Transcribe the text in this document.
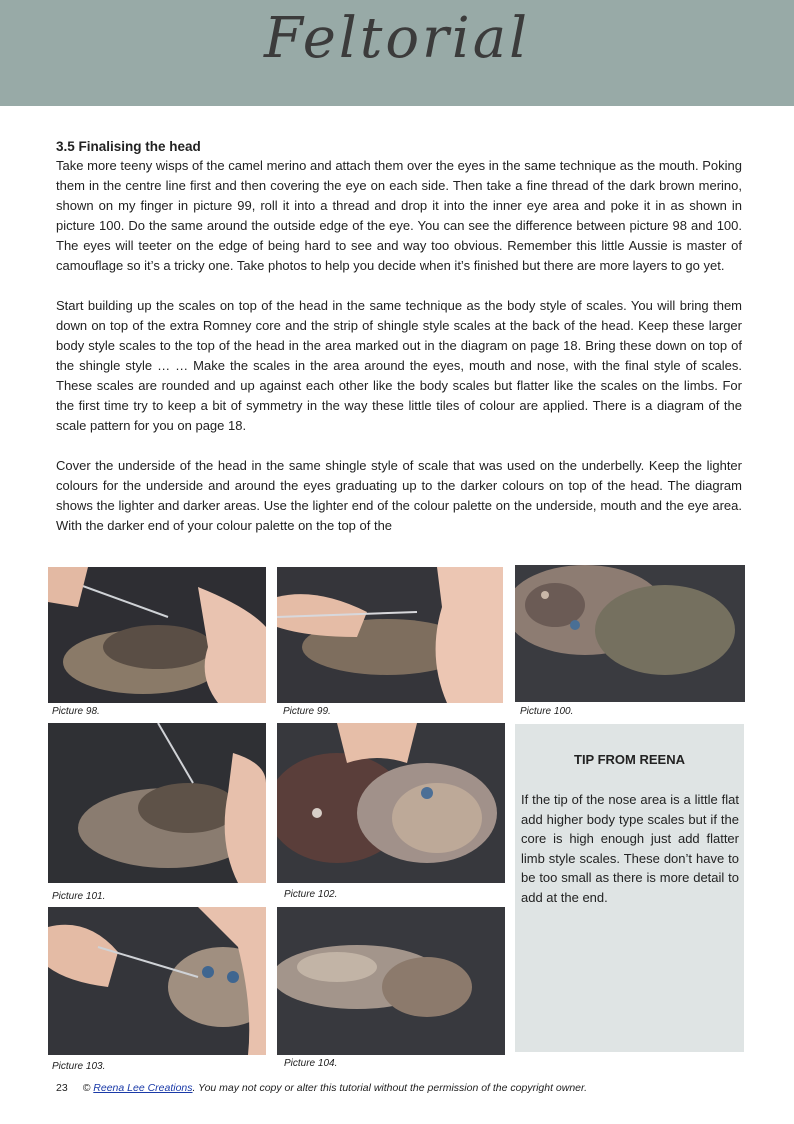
Feltorial

3.5 Finalising the head

Take more teeny wisps of the camel merino and attach them over the eyes in the same technique as the mouth. Poking them in the centre line first and then covering the eye on each side. Then take a fine thread of the dark brown merino, shown on my finger in picture 99, roll it into a thread and drop it into the inner eye area and poke it in as shown in picture 100. Do the same around the outside edge of the eye. You can see the difference between picture 98 and 100. The eyes will teeter on the edge of being hard to see and way too obvious. Remember this little Aussie is master of camouflage so it’s a tricky one. Take photos to help you decide when it’s finished but there are more layers to go yet.

Start building up the scales on top of the head in the same technique as the body style of scales. You will bring them down on top of the extra Romney core and the strip of shingle style scales at the back of the head. Keep these larger body style scales to the top of the head in the area marked out in the diagram on page 18. Bring these down on top of the shingle style … … Make the scales in the area around the eyes, mouth and nose, with the final style of scales. These scales are rounded and up against each other like the body scales but flatter like the scales on the limbs. For the first time try to keep a bit of symmetry in the way these little tiles of colour are applied. There is a diagram of the scale pattern for you on page 18.

Cover the underside of the head in the same shingle style of scale that was used on the underbelly. Keep the lighter colours for the underside and around the eyes graduating up to the darker colours on top of the head. The diagram shows the lighter and darker areas. Use the lighter end of the colour palette on the underside, mouth and the eye area. With the darker end of your colour palette on the top of the

Picture 98.	Picture 99.	Picture 100.
Picture 101.	Picture 102.
Picture 103.	Picture 104.
TIP FROM REENA
If the tip of the nose area is a little flat add higher body type scales but if the core is high enough just add flatter limb style scales. These don’t have to be too small as there is more detail to add at the end.
23 © Reena Lee Creations. You may not copy or alter this tutorial without the permission of the copyright owner.
